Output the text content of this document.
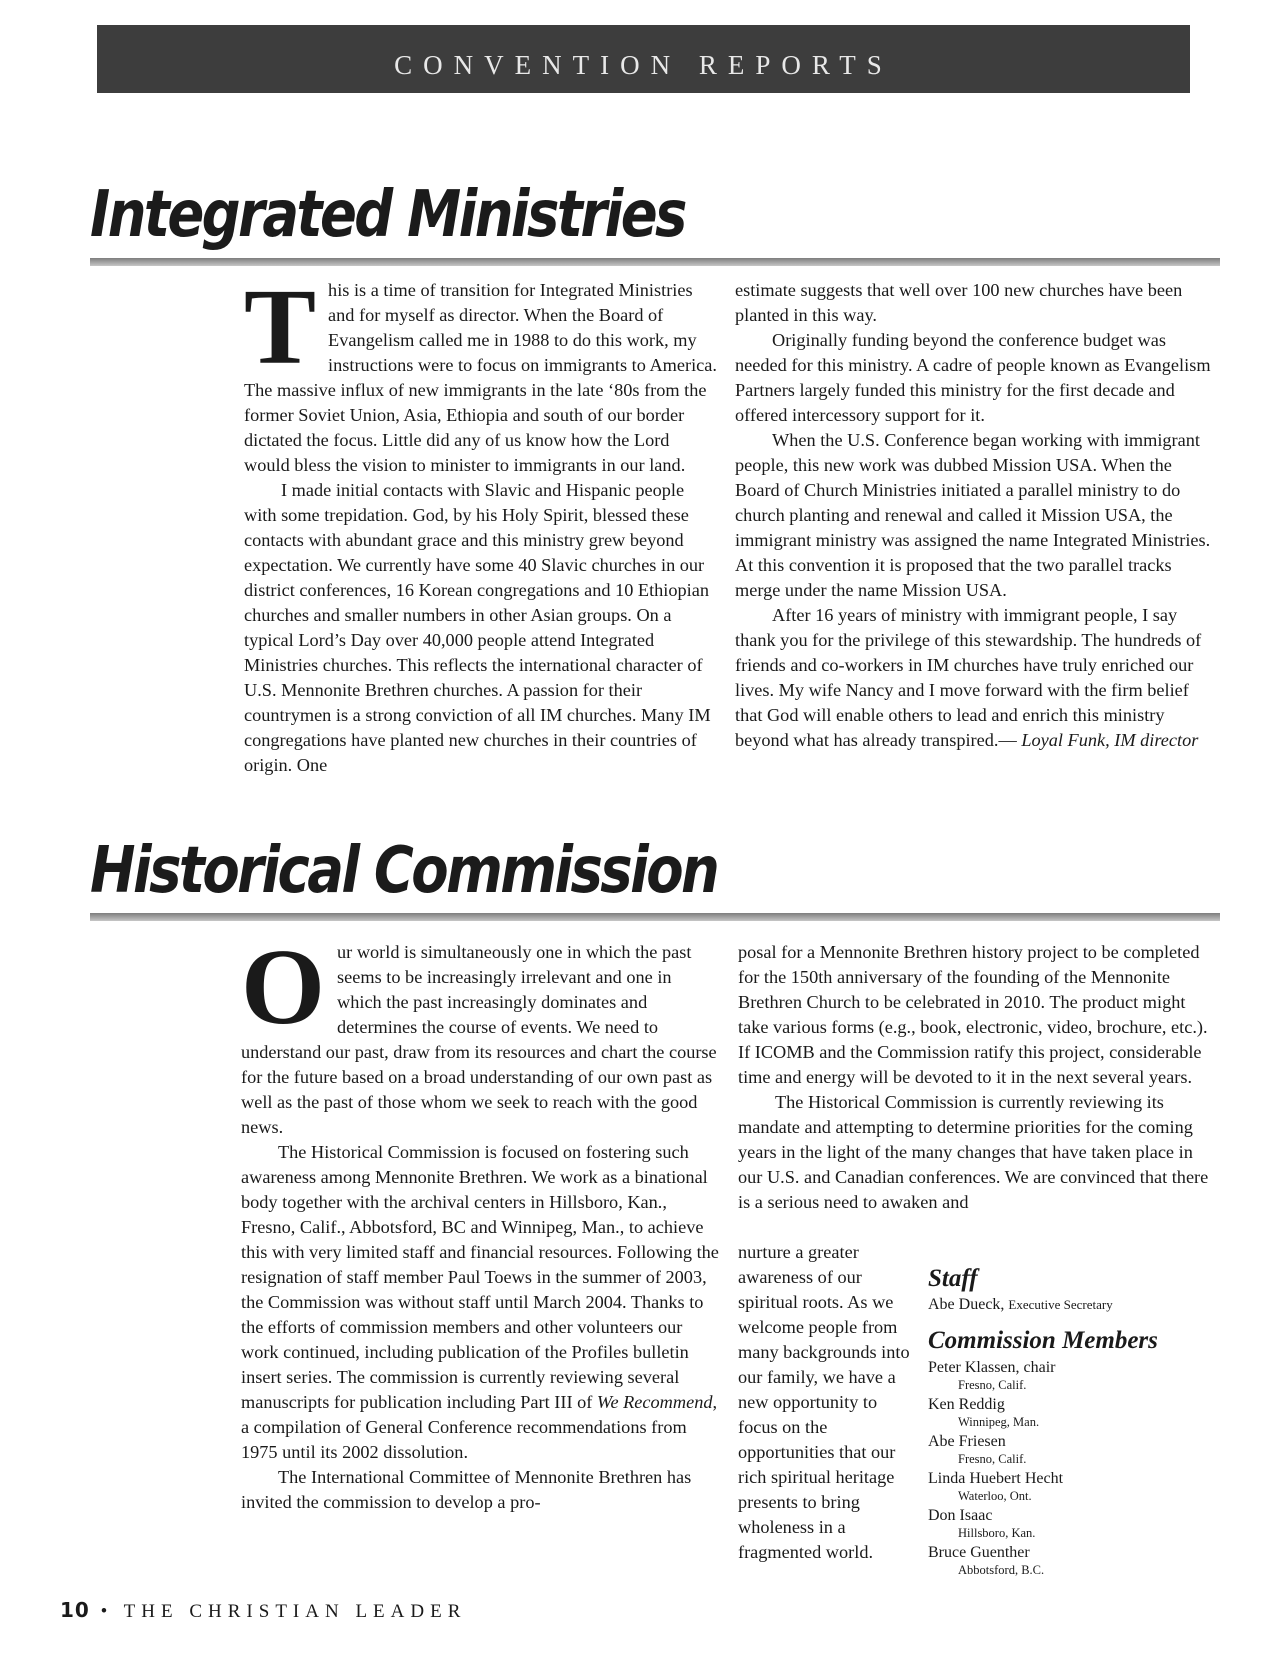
CONVENTION REPORTS
Integrated Ministries

This is a time of transition for Integrated Ministries and for myself as director. When the Board of Evangelism called me in 1988 to do this work, my instructions were to focus on immigrants to America. The massive influx of new immigrants in the late ‘80s from the former Soviet Union, Asia, Ethiopia and south of our border dictated the focus. Little did any of us know how the Lord would bless the vision to minister to immigrants in our land.

I made initial contacts with Slavic and Hispanic people with some trepidation. God, by his Holy Spirit, blessed these contacts with abundant grace and this ministry grew beyond expectation. We currently have some 40 Slavic churches in our district conferences, 16 Korean congregations and 10 Ethiopian churches and smaller numbers in other Asian groups. On a typical Lord’s Day over 40,000 people attend Integrated Ministries churches. This reflects the international character of U.S. Mennonite Brethren churches. A passion for their countrymen is a strong conviction of all IM churches. Many IM congregations have planted new churches in their countries of origin. One

estimate suggests that well over 100 new churches have been planted in this way.

Originally funding beyond the conference budget was needed for this ministry. A cadre of people known as Evangelism Partners largely funded this ministry for the first decade and offered intercessory support for it.

When the U.S. Conference began working with immigrant people, this new work was dubbed Mission USA. When the Board of Church Ministries initiated a parallel ministry to do church planting and renewal and called it Mission USA, the immigrant ministry was assigned the name Integrated Ministries. At this convention it is proposed that the two parallel tracks merge under the name Mission USA.

After 16 years of ministry with immigrant people, I say thank you for the privilege of this stewardship. The hundreds of friends and co-workers in IM churches have truly enriched our lives. My wife Nancy and I move forward with the firm belief that God will enable others to lead and enrich this ministry beyond what has already transpired.— Loyal Funk, IM director

Historical Commission

Our world is simultaneously one in which the past seems to be increasingly irrelevant and one in which the past increasingly dominates and determines the course of events. We need to understand our past, draw from its resources and chart the course for the future based on a broad understanding of our own past as well as the past of those whom we seek to reach with the good news.

The Historical Commission is focused on fostering such awareness among Mennonite Brethren. We work as a binational body together with the archival centers in Hillsboro, Kan., Fresno, Calif., Abbotsford, BC and Winnipeg, Man., to achieve this with very limited staff and financial resources. Following the resignation of staff member Paul Toews in the summer of 2003, the Commission was without staff until March 2004. Thanks to the efforts of commission members and other volunteers our work continued, including publication of the Profiles bulletin insert series. The commission is currently reviewing several manuscripts for publication including Part III of We Recommend, a compilation of General Conference recommendations from 1975 until its 2002 dissolution.

The International Committee of Mennonite Brethren has invited the commission to develop a pro-

posal for a Mennonite Brethren history project to be completed for the 150th anniversary of the founding of the Mennonite Brethren Church to be celebrated in 2010. The product might take various forms (e.g., book, electronic, video, brochure, etc.). If ICOMB and the Commission ratify this project, considerable time and energy will be devoted to it in the next several years.

The Historical Commission is currently reviewing its mandate and attempting to determine priorities for the coming years in the light of the many changes that have taken place in our U.S. and Canadian conferences. We are convinced that there is a serious need to awaken and

nurture a greater awareness of our spiritual roots. As we welcome people from many backgrounds into our family, we have a new opportunity to focus on the opportunities that our rich spiritual heritage presents to bring wholeness in a fragmented world.

Staff

Abe Dueck, Executive Secretary

Commission Members

Peter Klassen, chair
Fresno, Calif.
Ken Reddig
Winnipeg, Man.
Abe Friesen
Fresno, Calif.
Linda Huebert Hecht
Waterloo, Ont.
Don Isaac
Hillsboro, Kan.
Bruce Guenther
Abbotsford, B.C.
10 • THE CHRISTIAN LEADER
